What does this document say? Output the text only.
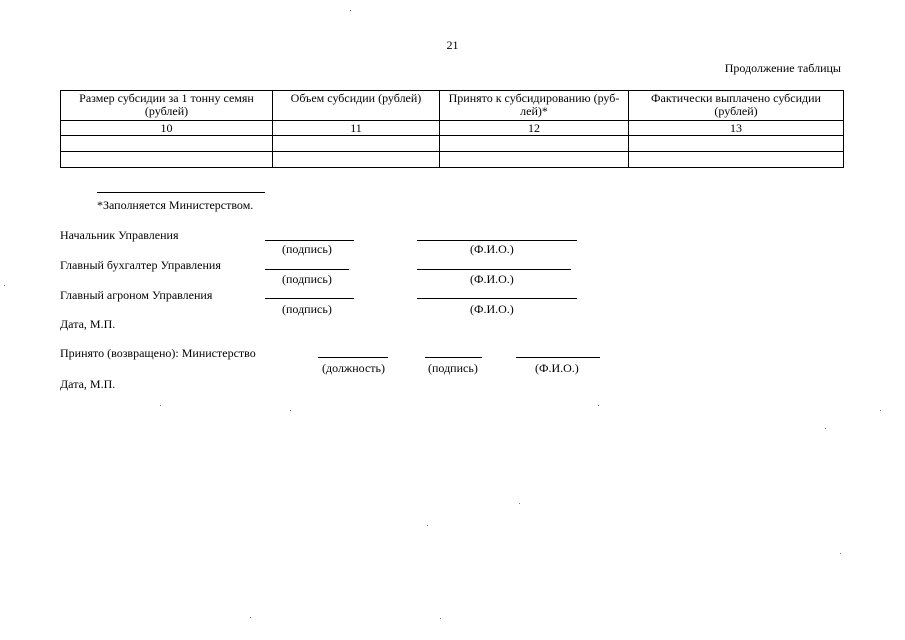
21
Продолжение таблицы
Размер субсидии за 1 тонну семян (рублей)	Объем субсидии (рублей)	Принято к субсидированию (руб-лей)*	Фактически выплачено субсидии (рублей)
10	11	12	13

*Заполняется Министерством.
Начальник Управления
(подпись)	(Ф.И.О.)
Главный бухгалтер Управления
(подпись)	(Ф.И.О.)
Главный агроном Управления
(подпись)	(Ф.И.О.)
Дата, М.П.
Принято (возвращено): Министерство
(должность)	(подпись)	(Ф.И.О.)
Дата, М.П.
